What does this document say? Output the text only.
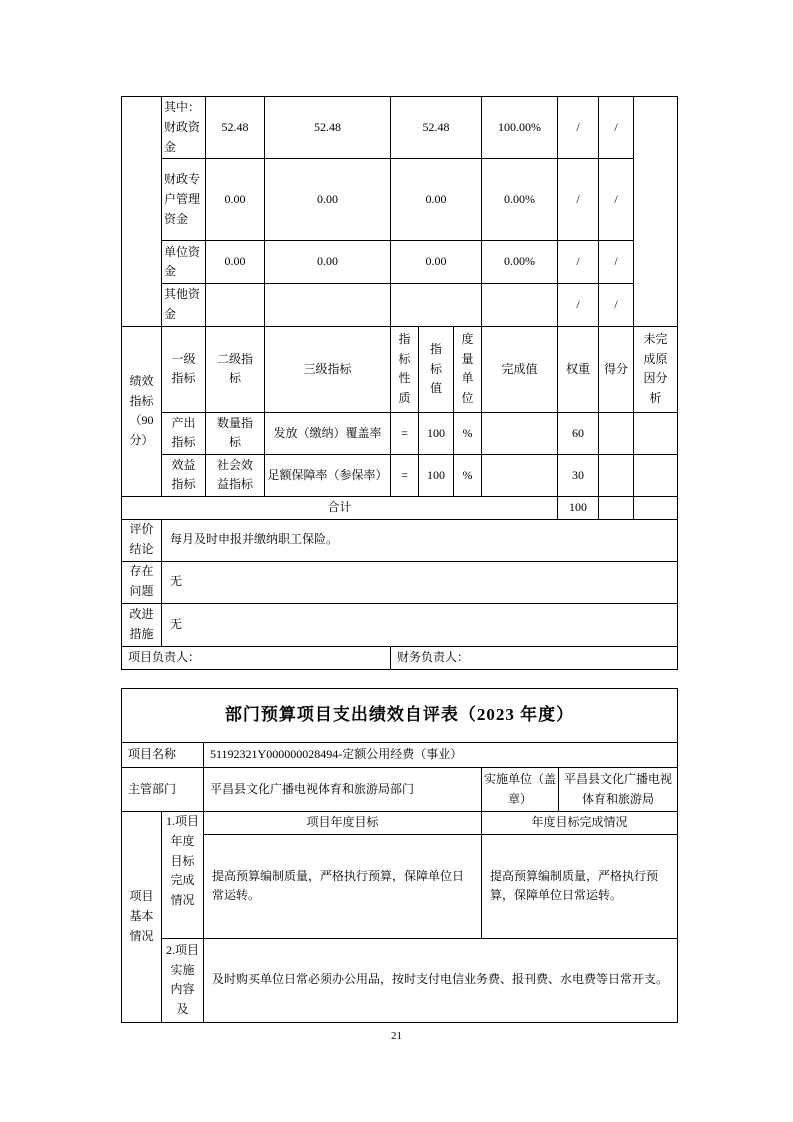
	其中：财政资金	52.48	52.48	52.48			100.00%	/	/	
	财政专户管理资金	0.00	0.00	0.00			0.00%	/	/	
	单位资金	0.00	0.00	0.00			0.00%	/	/	
	其他资金							/	/	
绩效指标（90 分）	一级指标	二级指标	三级指标	指标性质	指标值	度量单位	完成值	权重	得分	未完成原因分析
	产出指标	数量指标	发放（缴纳）覆盖率	=	100	%		60		
	效益指标	社会效益指标	足额保障率（参保率）	=	100	%		30		
合计								100		
评价结论	每月及时申报并缴纳职工保险。									
存在问题	无									
改进措施	无									
项目负责人：				财务负责人：						
部门预算项目支出绩效自评表（2023 年度）				
项目名称		51192321Y000000028494-定额公用经费（事业）		
主管部门		平昌县文化广播电视体育和旅游局部门	实施单位（盖章）	平昌县文化广播电视体育和旅游局
项目基本情况	1.项目年度目标完成情况	项目年度目标	年度目标完成情况	
		提高预算编制质量，严格执行预算，保障单位日常运转。	提高预算编制质量，严格执行预算，保障单位日常运转。	
	2.项目实施内容及	及时购买单位日常必须办公用品，按时支付电信业务费、报刊费、水电费等日常开支。		
21
